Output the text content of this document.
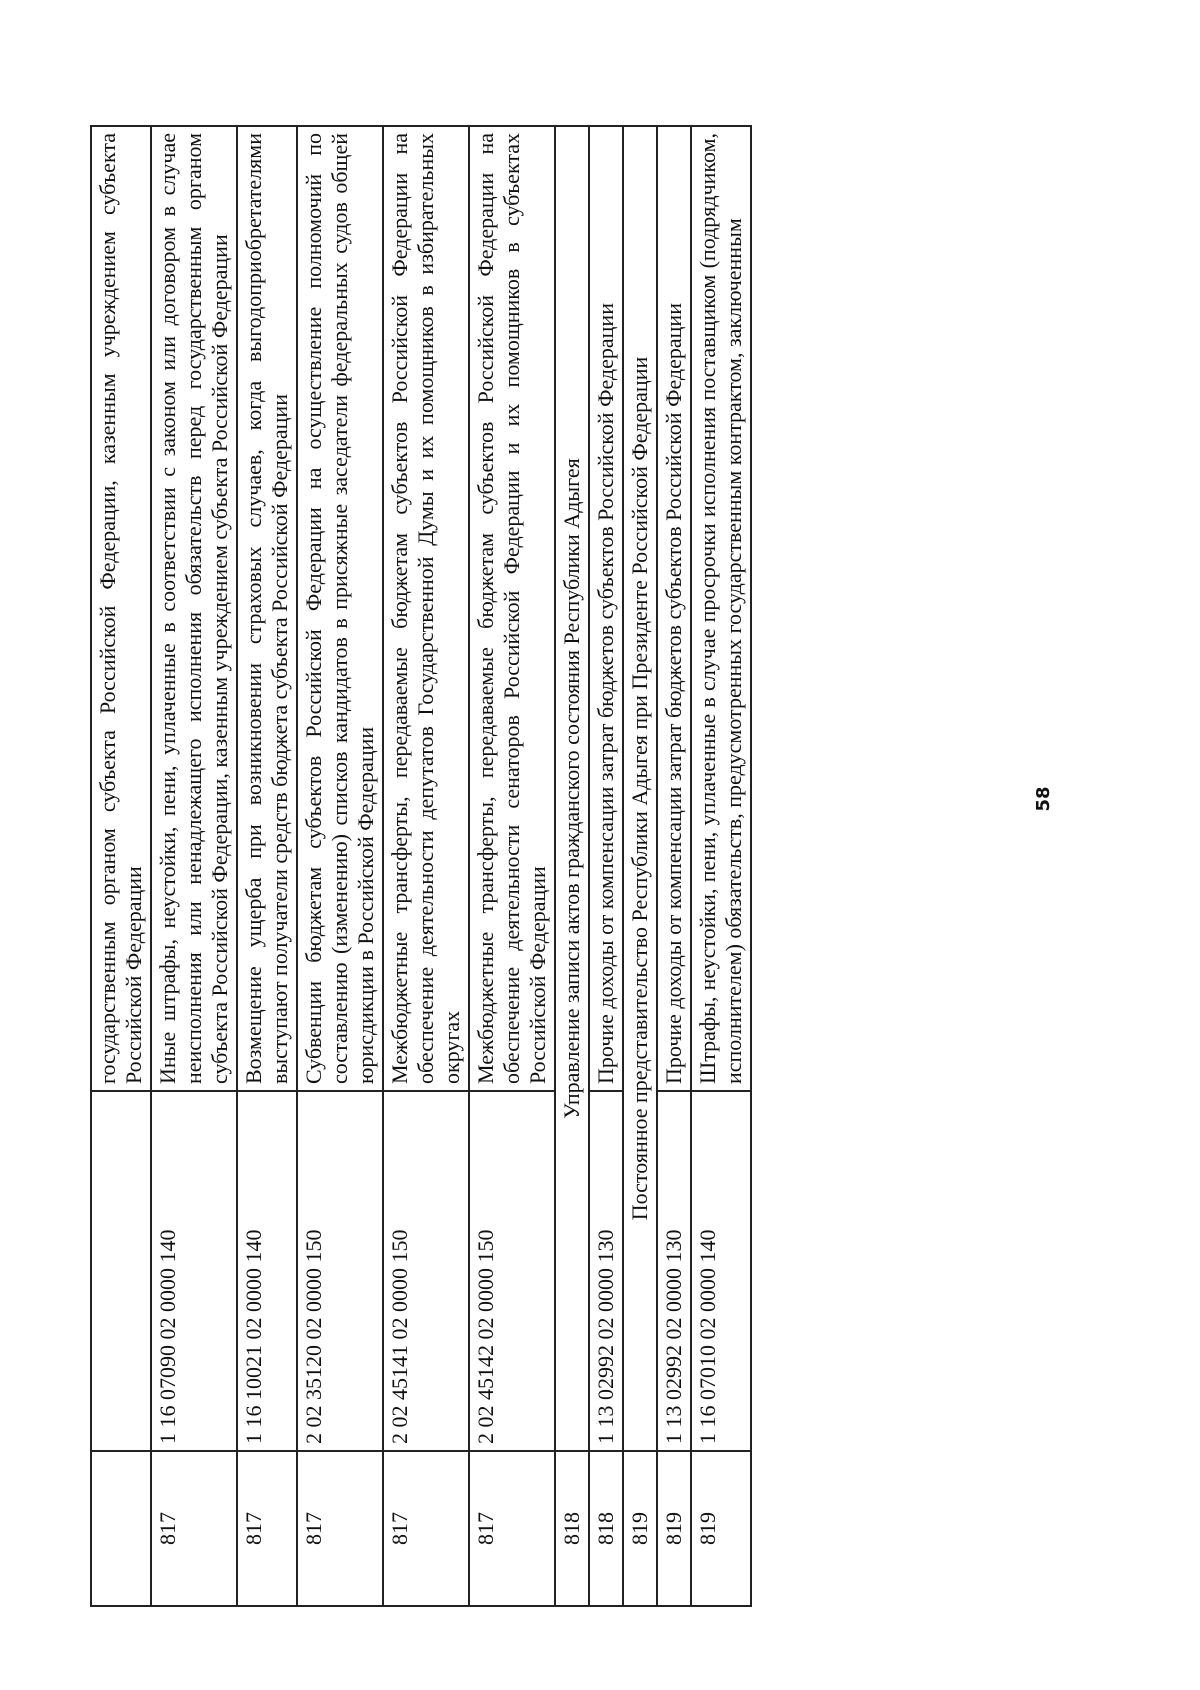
		государственным органом субъекта Российской Федерации, казенным учреждением субъекта Российской Федерации
817	1 16 07090 02 0000 140	Иные штрафы, неустойки, пени, уплаченные в соответствии с законом или договором в случае неисполнения или ненадлежащего исполнения обязательств перед государственным органом субъекта Российской Федерации, казенным учреждением субъекта Российской Федерации
817	1 16 10021 02 0000 140	Возмещение ущерба при возникновении страховых случаев, когда выгодоприобретателями выступают получатели средств бюджета субъекта Российской Федерации
817	2 02 35120 02 0000 150	Субвенции бюджетам субъектов Российской Федерации на осуществление полномочий по составлению (изменению) списков кандидатов в присяжные заседатели федеральных судов общей юрисдикции в Российской Федерации
817	2 02 45141 02 0000 150	Межбюджетные трансферты, передаваемые бюджетам субъектов Российской Федерации на обеспечение деятельности депутатов Государственной Думы и их помощников в избирательных округах
817	2 02 45142 02 0000 150	Межбюджетные трансферты, передаваемые бюджетам субъектов Российской Федерации на обеспечение деятельности сенаторов Российской Федерации и их помощников в субъектах Российской Федерации
818	Управление записи актов гражданского состояния Республики Адыгея	
818	1 13 02992 02 0000 130	Прочие доходы от компенсации затрат бюджетов субъектов Российской Федерации
819	Постоянное представительство Республики Адыгея при Президенте Российской Федерации	
819	1 13 02992 02 0000 130	Прочие доходы от компенсации затрат бюджетов субъектов Российской Федерации
819	1 16 07010 02 0000 140	Штрафы, неустойки, пени, уплаченные в случае просрочки исполнения поставщиком (подрядчиком, исполнителем) обязательств, предусмотренных государственным контрактом, заключенным	58
